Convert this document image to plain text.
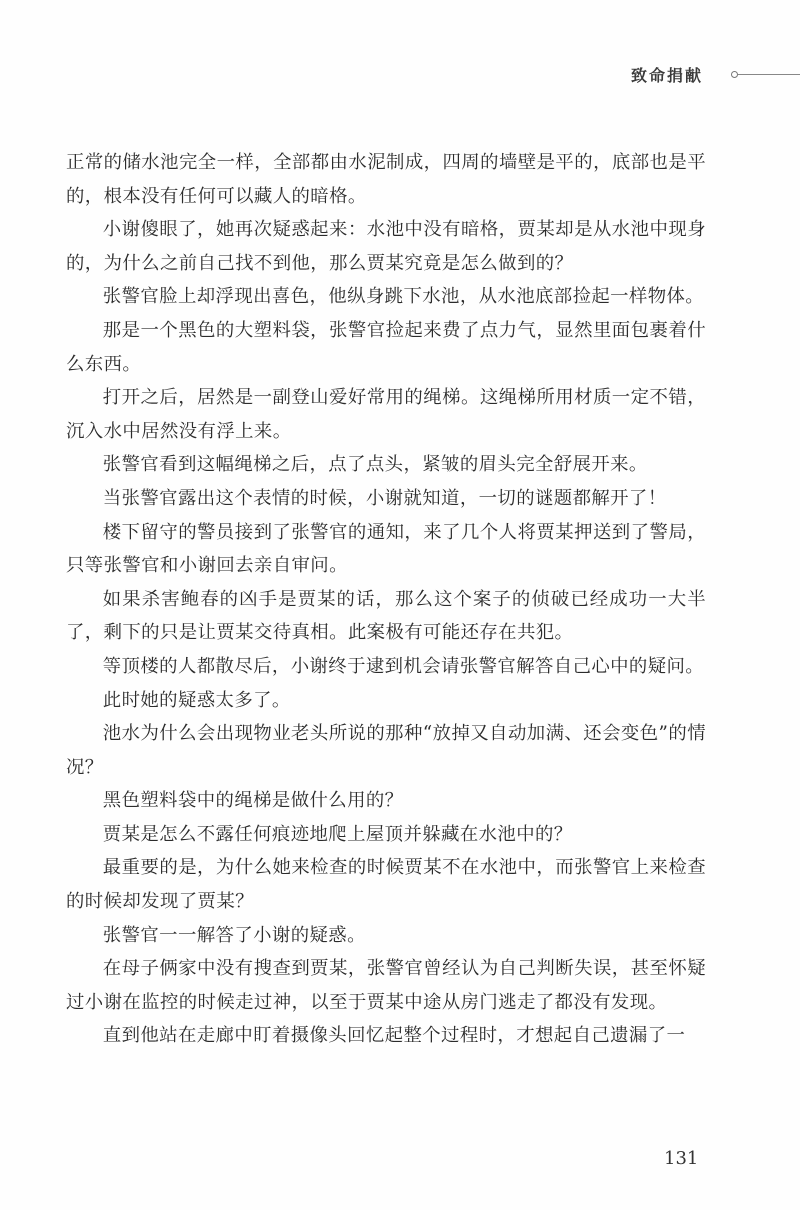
致命捐献

正常的储水池完全一样，全部都由水泥制成，四周的墙壁是平的，底部也是平的，根本没有任何可以藏人的暗格。

小谢傻眼了，她再次疑惑起来：水池中没有暗格，贾某却是从水池中现身的，为什么之前自己找不到他，那么贾某究竟是怎么做到的？

张警官脸上却浮现出喜色，他纵身跳下水池，从水池底部捡起一样物体。

那是一个黑色的大塑料袋，张警官捡起来费了点力气，显然里面包裹着什么东西。

打开之后，居然是一副登山爱好常用的绳梯。这绳梯所用材质一定不错，沉入水中居然没有浮上来。

张警官看到这幅绳梯之后，点了点头，紧皱的眉头完全舒展开来。

当张警官露出这个表情的时候，小谢就知道，一切的谜题都解开了！

楼下留守的警员接到了张警官的通知，来了几个人将贾某押送到了警局，只等张警官和小谢回去亲自审问。

如果杀害鲍春的凶手是贾某的话，那么这个案子的侦破已经成功一大半了，剩下的只是让贾某交待真相。此案极有可能还存在共犯。

等顶楼的人都散尽后，小谢终于逮到机会请张警官解答自己心中的疑问。

此时她的疑惑太多了。

池水为什么会出现物业老头所说的那种“放掉又自动加满、还会变色”的情况？

黑色塑料袋中的绳梯是做什么用的？

贾某是怎么不露任何痕迹地爬上屋顶并躲藏在水池中的？

最重要的是，为什么她来检查的时候贾某不在水池中，而张警官上来检查的时候却发现了贾某？

张警官一一解答了小谢的疑惑。

在母子俩家中没有搜查到贾某，张警官曾经认为自己判断失误，甚至怀疑过小谢在监控的时候走过神，以至于贾某中途从房门逃走了都没有发现。

直到他站在走廊中盯着摄像头回忆起整个过程时，才想起自己遗漏了一

131
